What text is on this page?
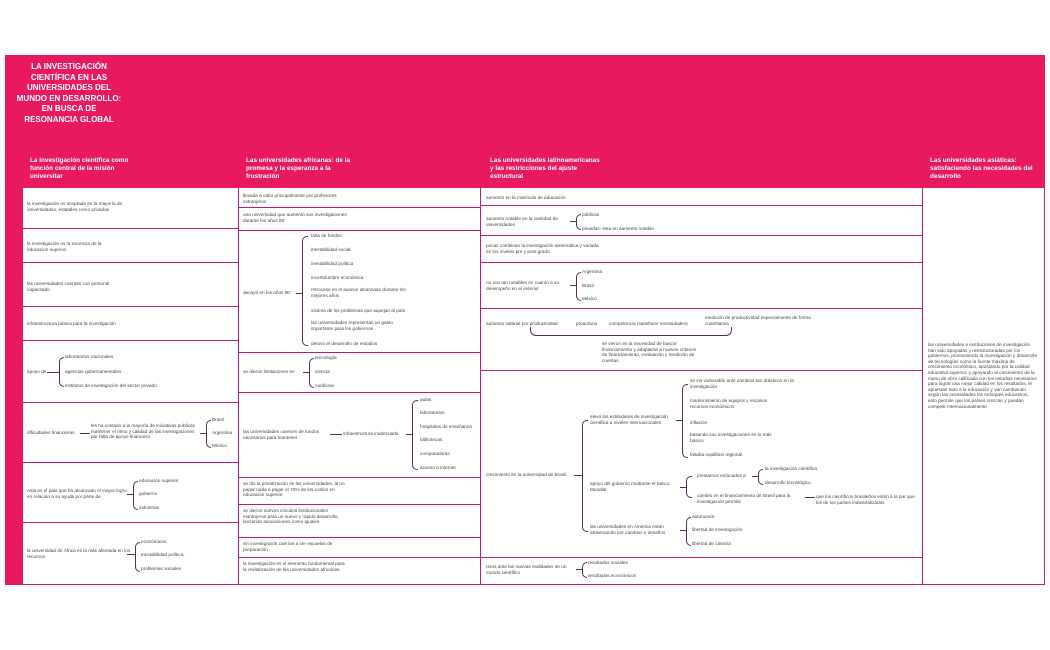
LA INVESTIGACIÓN CIENTÍFICA EN LAS UNIVERSIDADES DEL MUNDO EN DESARROLLO: EN BUSCA DE RESONANCIA GLOBAL
La investigación científica como función central de la misión universitar
Las universidades africanas: de la promesa y la esperanza a la frustración
Las universidades latinoamericanas y las restricciones del ajuste estructural
Las universidades asiáticas: satisfaciendo las necesidades del desarrollo
la investigación es aceptada en la mayoría de universidades, estatales como privadas
la investigación es la escencia de la educacion superos
las universidades cuentan con personal capacitado
infraestructura básica para la investigación
apoyo de
laboratorios nacionales
agencias gubernamentales
institutos de investigación del sector privado
dificultades financieras
les ha costado a la mayoría de iniciativas publicas mantener el ritmo y calidad de las investigaciones por falta de apoyo financiero
Brasil
Argentina
México
Asia es el país que ha alcanzado el mayor logro en relación a su ayuda por parte de
educación superior
gobierno
industrias
la universidad de África es la más afectada en los recursos
económicos,
inestabilidad política,
problemas sociales
llevada a cabo principalmente por profesores extranjeros
una universidad que aumentó sus investigaciones durante los años 80'
decayó en los años 90'
falta de fondos
inestabilidad social
inestabilidad política
incertidumbre económica
retroceso en el avance alcanzado durante los mejores años
víctima de los problemas que aquejan al país
las universidades representan un gasto importante para los gobiernos
detuvo el desarrollo de estudios
se dieron limitaciones en
tecnología
ciencia
medicina
las universidades carecen de fondos necesarios para mantener
infraestructura inadecuada
aulas,
laboratorios
hospitales de enseñanza
bibliotecas
computadoras
acceso a internet
se dio la privatización de las universidades, al no pagar nada a pagar el 70% de los costos en educación superior
se dieron nuevos vínculos institucionales extranjeros para un nuevo y rápido desarrollo, lanzando asociaciones como iguales
sin investigación caerían a ser escuelas de preparación
la investigación es el elemento fundamental para la revitalización de las universidades africanas.
aumento en la matrícula de educación
aumento notable en la cantidad de universidades
públicas
privadas: ésta en aumento notable
pocas combinan la investigación sistemática y variada en los niveles pre y post grado
no son tan notables en cuanto a su desempeño en el exterior
Argentina
Brasil
México
aumento salarial por productividad	proactivos competencia (satisfacer necesidades)
medición de productividad especialmente de forma cuantitativa
se vieron en la necesidad de buscar financiamiento y adaptarse a nuevos criterios de financiamiento, evaluación y rendición de cuentas
crecimiento en la universidad de Brasil
elevó los estándares de investigación científica a niveles internacionales
se vio vulnerable ante cambios tan drásticos en la investigación
mantenimiento de equipos y escasos recursos económicos
inflación
basando sus investigaciones en lo más básico
faltaba equilibrio regional
apoyo del gobierno mediante el banco Mundial
prestamos enfocados a
la investigación científica
desarrollo tecnológico
cambio en el financiamiento de Brasil para la investigación permite
que los científicos brasileños estén a la par que los de los países industrializados
las universidades en América están atravesando por cambios y desafíos
autonomía
libertad de investigación
libertad de cátedra
retos ante las nuevas realidades de un mundo científico
resultados sociales
resultados económicos
las universidades e instituciones de investigación han sido apoyadas y reestructuradas por los gobiernos, promoviendo la investigación y desarrollo de tecnologías como la fuente máxima de crecimiento económico, apostando por la calidad educativa superior, y apoyando al crecimiento de la mano de obra calificada con los estudios necesarios para lograr una mejor calidad en los resultados, le apuestan todo a la educación y van cambiando según las necesidades los enfoques educativos, esto permite que los países crezcan y puedan competir internacionalmente
